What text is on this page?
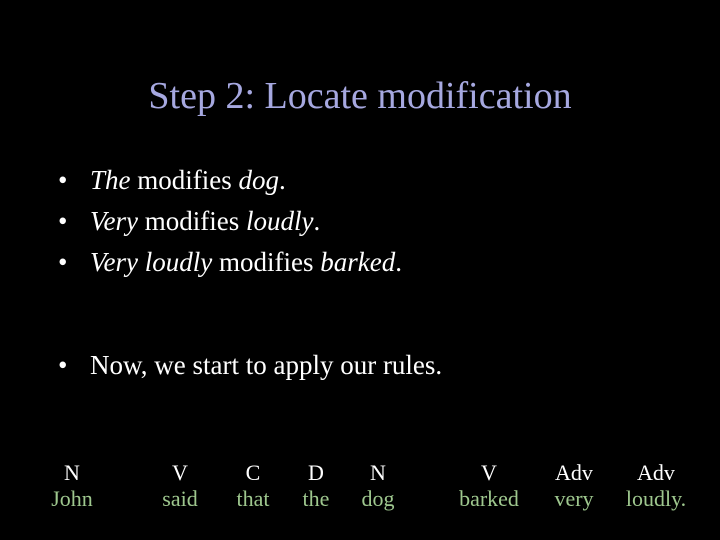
Step 2: Locate modification
• The modifies dog.
• Very modifies loudly.
• Very loudly modifies barked.
• Now, we start to apply our rules.
N
John
V
said
C
that
D
the
N
dog
V
barked
Adv
very
Adv
loudly.
